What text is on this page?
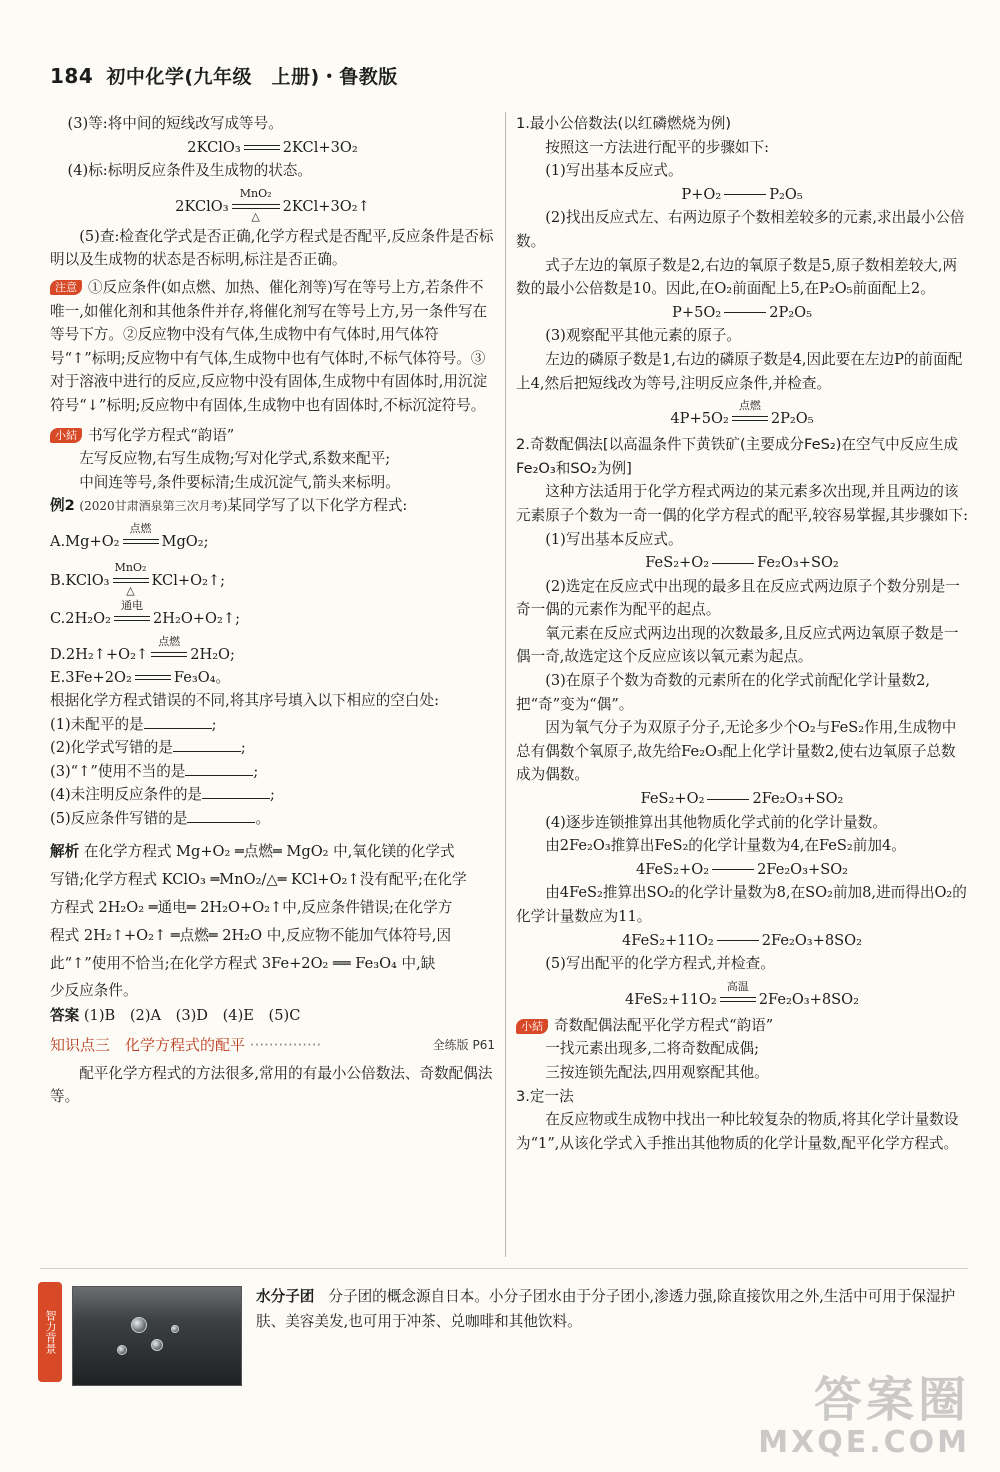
184 初中化学(九年级　上册)・鲁教版

(3)等:将中间的短线改写成等号。

2KClO₃	2KCl+3O₂

(4)标:标明反应条件及生成物的状态。

2KClO₃
MnO₂
△
2KCl+3O₂↑

(5)查:检查化学式是否正确,化学方程式是否配平,反应条件是否标明以及生成物的状态是否标明,标注是否正确。

注意 ①反应条件(如点燃、加热、催化剂等)写在等号上方,若条件不唯一,如催化剂和其他条件并存,将催化剂写在等号上方,另一条件写在等号下方。②反应物中没有气体,生成物中有气体时,用气体符号“↑”标明;反应物中有气体,生成物中也有气体时,不标气体符号。③对于溶液中进行的反应,反应物中没有固体,生成物中有固体时,用沉淀符号“↓”标明;反应物中有固体,生成物中也有固体时,不标沉淀符号。

小結 书写化学方程式“韵语”

左写反应物,右写生成物;写对化学式,系数来配平;

中间连等号,条件要标清;生成沉淀气,箭头来标明。

例2 (2020甘肃酒泉第三次月考)某同学写了以下化学方程式:

A.Mg+O₂
点燃
MgO₂;

B.KClO₃
MnO₂
△
KCl+O₂↑;

C.2H₂O₂
通电
2H₂O+O₂↑;

D.2H₂↑+O₂↑
点燃
2H₂O;

E.3Fe+2O₂	Fe₃O₄。

根据化学方程式错误的不同,将其序号填入以下相应的空白处:

(1)未配平的是	;

(2)化学式写错的是	;

(3)“↑”使用不当的是	;

(4)未注明反应条件的是	;

(5)反应条件写错的是	。

解析 在化学方程式 Mg+O₂ ═点燃═ MgO₂ 中,氧化镁的化学式

写错;化学方程式 KClO₃ ═MnO₂/△═ KCl+O₂↑没有配平;在化学

方程式 2H₂O₂ ═通电═ 2H₂O+O₂↑中,反应条件错误;在化学方

程式 2H₂↑+O₂↑ ═点燃═ 2H₂O 中,反应物不能加气体符号,因

此“↑”使用不恰当;在化学方程式 3Fe+2O₂ ══ Fe₃O₄ 中,缺

少反应条件。

答案 (1)B　(2)A　(3)D　(4)E　(5)C

知识点三　化学方程式的配平 ···············	全练版 P61

配平化学方程式的方法很多,常用的有最小公倍数法、奇数配偶法等。

1.最小公倍数法(以红磷燃烧为例)

按照这一方法进行配平的步骤如下:

(1)写出基本反应式。

P+O₂	P₂O₅

(2)找出反应式左、右两边原子个数相差较多的元素,求出最小公倍数。

式子左边的氧原子数是2,右边的氧原子数是5,原子数相差较大,两数的最小公倍数是10。因此,在O₂前面配上5,在P₂O₅前面配上2。

P+5O₂	2P₂O₅

(3)观察配平其他元素的原子。

左边的磷原子数是1,右边的磷原子数是4,因此要在左边P的前面配上4,然后把短线改为等号,注明反应条件,并检查。

4P+5O₂
点燃
2P₂O₅

2.奇数配偶法[以高温条件下黄铁矿(主要成分FeS₂)在空气中反应生成Fe₂O₃和SO₂为例]

这种方法适用于化学方程式两边的某元素多次出现,并且两边的该元素原子个数为一奇一偶的化学方程式的配平,较容易掌握,其步骤如下:

(1)写出基本反应式。

FeS₂+O₂	Fe₂O₃+SO₂

(2)选定在反应式中出现的最多且在反应式两边原子个数分别是一奇一偶的元素作为配平的起点。

氧元素在反应式两边出现的次数最多,且反应式两边氧原子数是一偶一奇,故选定这个反应应该以氧元素为起点。

(3)在原子个数为奇数的元素所在的化学式前配化学计量数2,把“奇”变为“偶”。

因为氧气分子为双原子分子,无论多少个O₂与FeS₂作用,生成物中总有偶数个氧原子,故先给Fe₂O₃配上化学计量数2,使右边氧原子总数成为偶数。

FeS₂+O₂	2Fe₂O₃+SO₂

(4)逐步连锁推算出其他物质化学式前的化学计量数。

由2Fe₂O₃推算出FeS₂的化学计量数为4,在FeS₂前加4。

4FeS₂+O₂	2Fe₂O₃+SO₂

由4FeS₂推算出SO₂的化学计量数为8,在SO₂前加8,进而得出O₂的化学计量数应为11。

4FeS₂+11O₂	2Fe₂O₃+8SO₂

(5)写出配平的化学方程式,并检查。

4FeS₂+11O₂
高温
2Fe₂O₃+8SO₂

小結 奇数配偶法配平化学方程式“韵语”

一找元素出现多,二将奇数配成偶;

三按连锁先配法,四用观察配其他。

3.定一法

在反应物或生成物中找出一种比较复杂的物质,将其化学计量数设为“1”,从该化学式入手推出其他物质的化学计量数,配平化学方程式。

智力背景
水分子团 分子团的概念源自日本。小分子团水由于分子团小,渗透力强,除直接饮用之外,生活中可用于保湿护肤、美容美发,也可用于冲茶、兑咖啡和其他饮料。
答案圈
MXQE.COM
